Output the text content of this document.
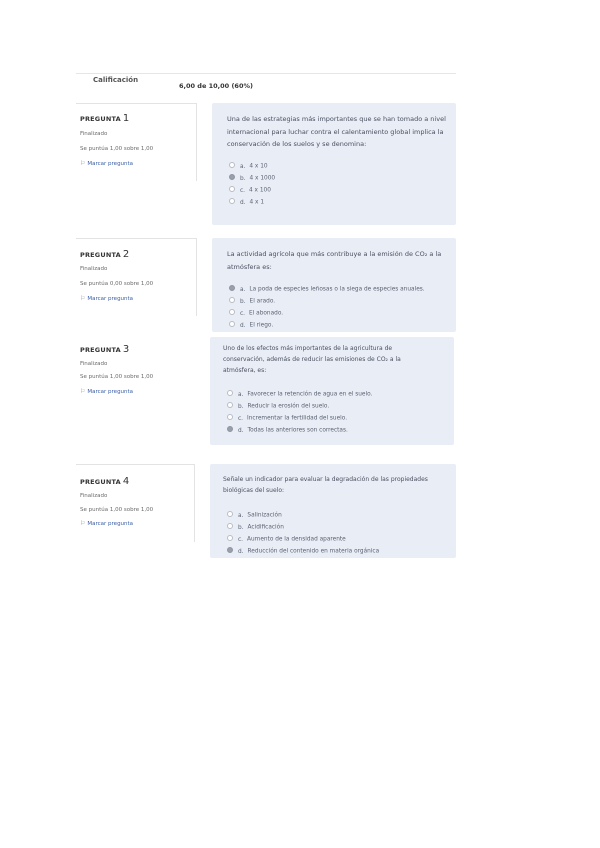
Calificación
6,00 de 10,00 (60%)
PREGUNTA 1
Finalizado
Se puntúa 1,00 sobre 1,00
⚐ Marcar pregunta
Una de las estrategias más importantes que se han tomado a nivel internacional para luchar contra el calentamiento global implica la conservación de los suelos y se denomina:
a. 4 x 10
b. 4 x 1000
c. 4 x 100
d. 4 x 1
PREGUNTA 2
Finalizado
Se puntúa 0,00 sobre 1,00
⚐ Marcar pregunta
La actividad agrícola que más contribuye a la emisión de CO₂ a la atmósfera es:
a. La poda de especies leñosas o la siega de especies anuales.
b. El arado.
c. El abonado.
d. El riego.
PREGUNTA 3
Finalizado
Se puntúa 1,00 sobre 1,00
⚐ Marcar pregunta
Uno de los efectos más importantes de la agricultura de conservación, además de reducir las emisiones de CO₂ a la atmósfera, es:
a. Favorecer la retención de agua en el suelo.
b. Reducir la erosión del suelo.
c. Incrementar la fertilidad del suelo.
d. Todas las anteriores son correctas.
PREGUNTA 4
Finalizado
Se puntúa 1,00 sobre 1,00
⚐ Marcar pregunta
Señale un indicador para evaluar la degradación de las propiedades biológicas del suelo:
a. Salinización
b. Acidificación
c. Aumento de la densidad aparente
d. Reducción del contenido en materia orgánica
